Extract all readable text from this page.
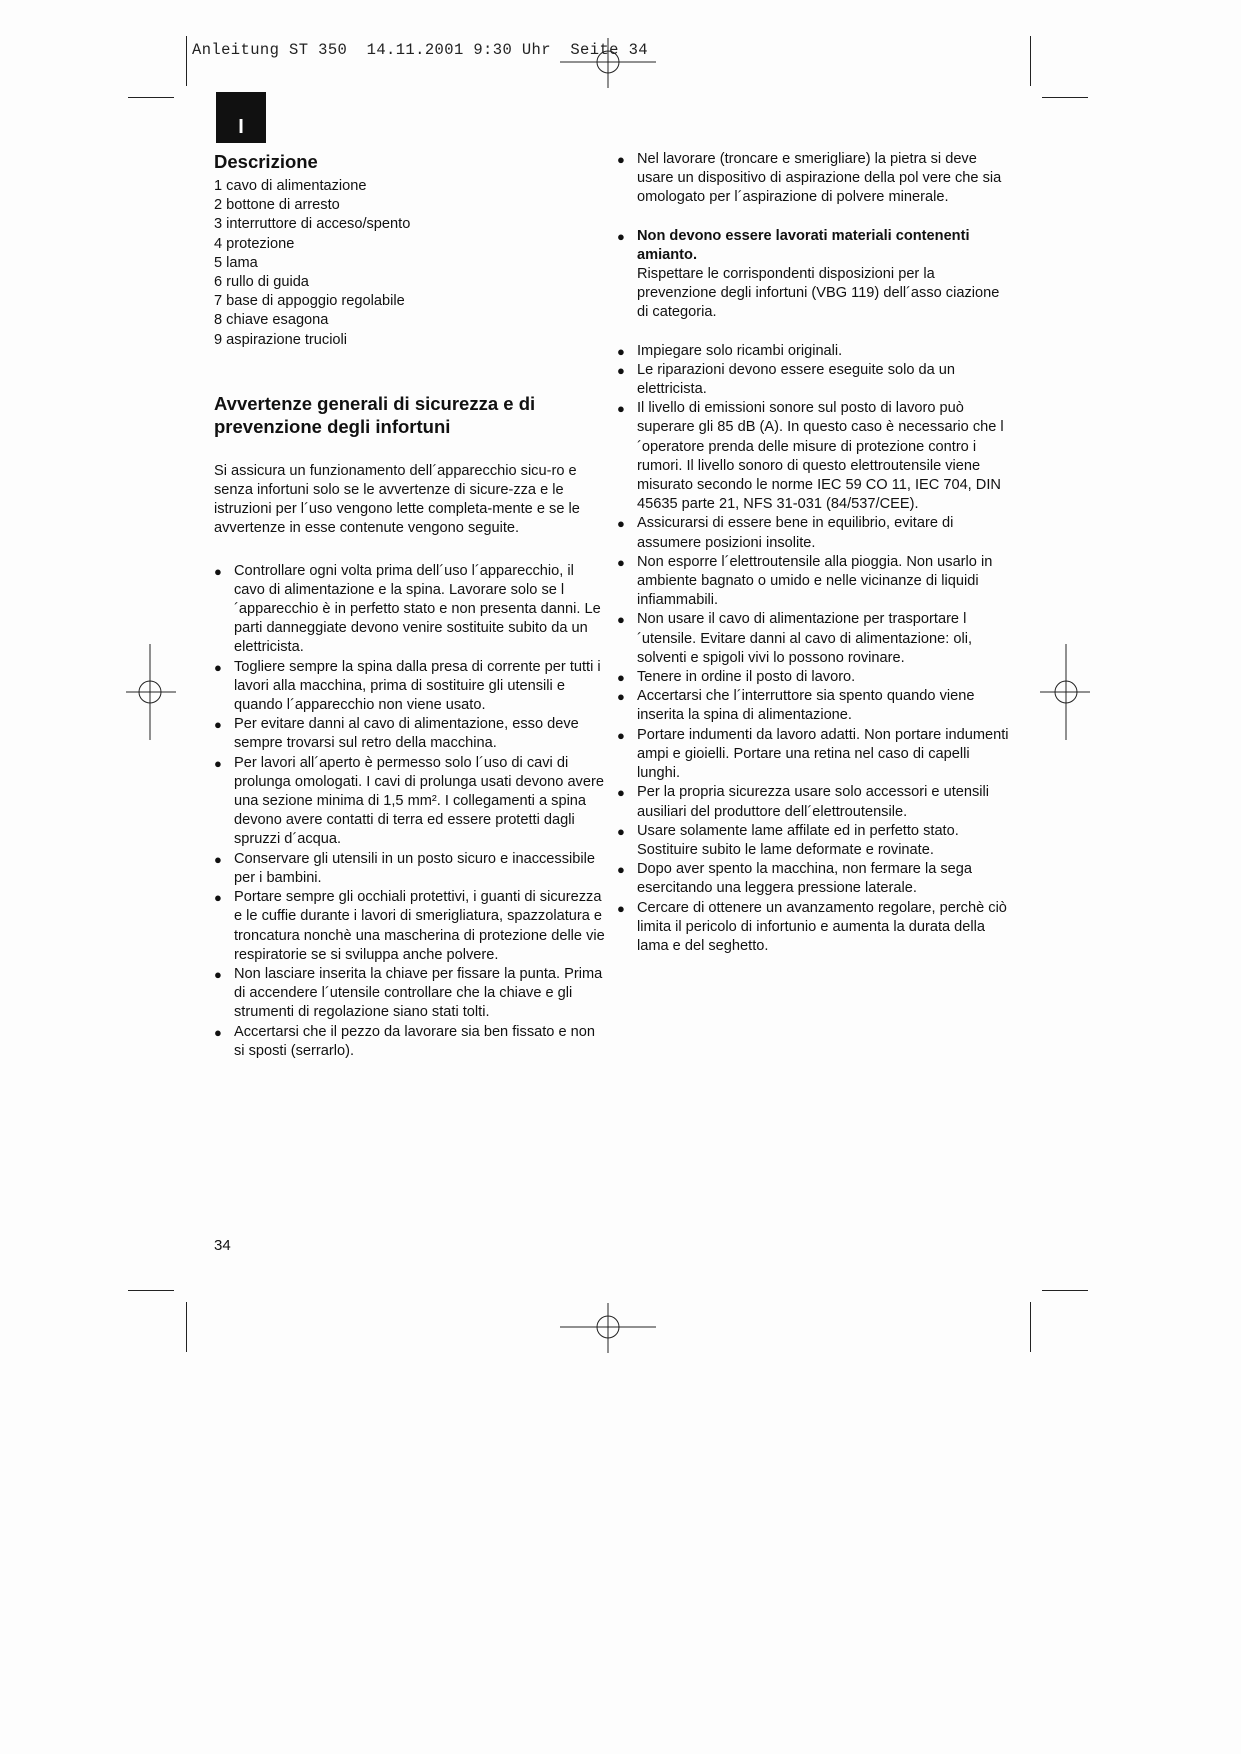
Anleitung ST 350  14.11.2001 9:30 Uhr  Seite 34
I
Descrizione
1 cavo di alimentazione
2 bottone di arresto
3 interruttore di acceso/spento
4 protezione
5 lama
6 rullo di guida
7 base di appoggio regolabile
8 chiave esagona
9 aspirazione trucioli
Avvertenze generali di sicurezza e di prevenzione degli infortuni

Si assicura un funzionamento dell´apparecchio sicu-ro e senza infortuni solo se le avvertenze di sicure-zza e le istruzioni per l´uso vengono lette completa-mente e se le avvertenze in esse contenute vengono seguite.

● Controllare ogni volta prima dell´uso l´apparecchio, il cavo di alimentazione e la spina. Lavorare solo se l´apparecchio è in perfetto stato e non presenta danni. Le parti danneggiate devono venire sostituite subito da un elettricista.
● Togliere sempre la spina dalla presa di corrente per tutti i lavori alla macchina, prima di sostituire gli utensili e quando l´apparecchio non viene usato.
● Per evitare danni al cavo di alimentazione, esso deve sempre trovarsi sul retro della macchina.
● Per lavori all´aperto è permesso solo l´uso di cavi di prolunga omologati. I cavi di prolunga usati devono avere una sezione minima di 1,5 mm². I collegamenti a spina devono avere contatti di terra ed essere protetti dagli spruzzi d´acqua.
● Conservare gli utensili in un posto sicuro e inaccessibile per i bambini.
● Portare sempre gli occhiali protettivi, i guanti di sicurezza e le cuffie durante i lavori di smerigliatura, spazzolatura e troncatura nonchè una mascherina di protezione delle vie respiratorie se si sviluppa anche polvere.
● Non lasciare inserita la chiave per fissare la punta. Prima di accendere l´utensile controllare che la chiave e gli strumenti di regolazione siano stati tolti.
● Accertarsi che il pezzo da lavorare sia ben fissato e non si sposti (serrarlo).
● Nel lavorare (troncare e smerigliare) la pietra si deve usare un dispositivo di aspirazione della pol vere che sia omologato per l´aspirazione di polvere minerale.
● Non devono essere lavorati materiali contenenti amianto.
Rispettare le corrispondenti disposizioni per la prevenzione degli infortuni (VBG 119) dell´asso ciazione di categoria.
● Impiegare solo ricambi originali.
● Le riparazioni devono essere eseguite solo da un elettricista.
● Il livello di emissioni sonore sul posto di lavoro può superare gli 85 dB (A). In questo caso è necessario che l´operatore prenda delle misure di protezione contro i rumori. Il livello sonoro di questo elettroutensile viene misurato secondo le norme IEC 59 CO 11, IEC 704, DIN 45635 parte 21, NFS 31-031 (84/537/CEE).
● Assicurarsi di essere bene in equilibrio, evitare di assumere posizioni insolite.
● Non esporre l´elettroutensile alla pioggia. Non usarlo in ambiente bagnato o umido e nelle vicinanze di liquidi infiammabili.
● Non usare il cavo di alimentazione per trasportare l´utensile. Evitare danni al cavo di alimentazione: oli, solventi e spigoli vivi lo possono rovinare.
● Tenere in ordine il posto di lavoro.
● Accertarsi che l´interruttore sia spento quando viene inserita la spina di alimentazione.
● Portare indumenti da lavoro adatti. Non portare indumenti ampi e gioielli. Portare una retina nel caso di capelli lunghi.
● Per la propria sicurezza usare solo accessori e utensili ausiliari del produttore dell´elettroutensile.
● Usare solamente lame affilate ed in perfetto stato. Sostituire subito le lame deformate e rovinate.
● Dopo aver spento la macchina, non fermare la sega esercitando una leggera pressione laterale.
● Cercare di ottenere un avanzamento regolare, perchè ciò limita il pericolo di infortunio e aumenta la durata della lama e del seghetto.
34
